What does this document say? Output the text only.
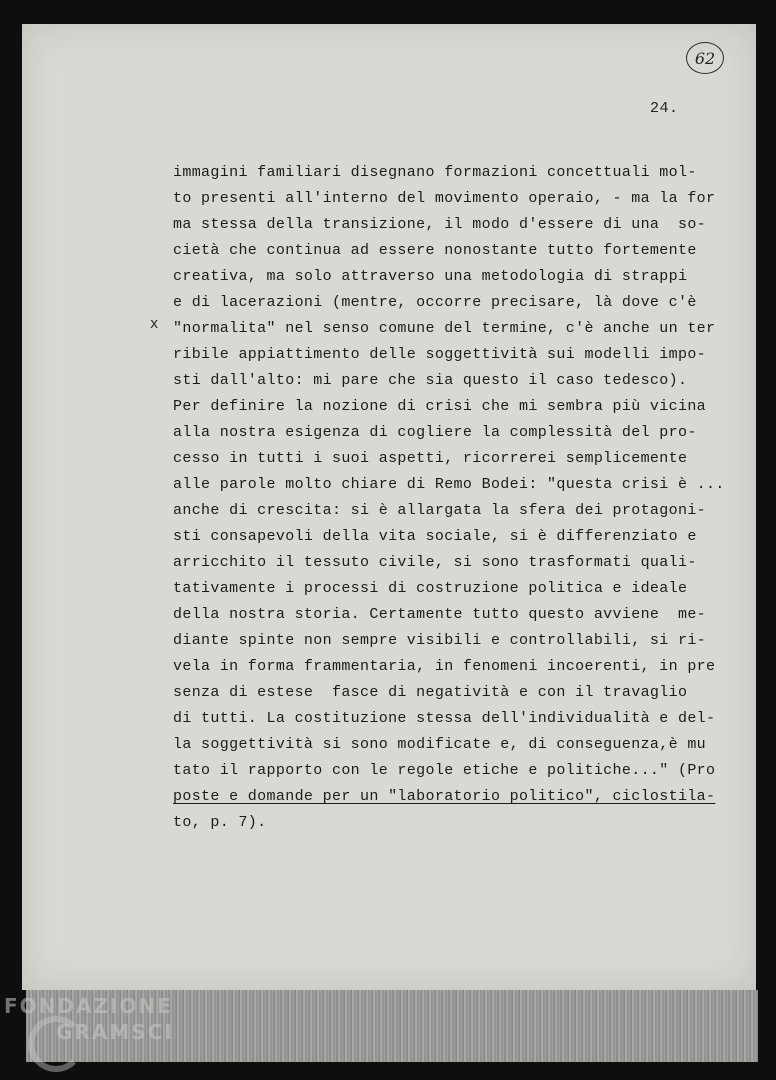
62
24.
x
immagini familiari disegnano formazioni concettuali mol-
to presenti all'interno del movimento operaio, - ma la for
ma stessa della transizione, il modo d'essere di una  so-
cietà che continua ad essere nonostante tutto fortemente
creativa, ma solo attraverso una metodologia di strappi
e di lacerazioni (mentre, occorre precisare, là dove c'è
"normalita" nel senso comune del termine, c'è anche un ter
ribile appiattimento delle soggettività sui modelli impo-
sti dall'alto: mi pare che sia questo il caso tedesco).
Per definire la nozione di crisi che mi sembra più vicina
alla nostra esigenza di cogliere la complessità del pro-
cesso in tutti i suoi aspetti, ricorrerei semplicemente
alle parole molto chiare di Remo Bodei: "questa crisi è ...
anche di crescita: si è allargata la sfera dei protagoni-
sti consapevoli della vita sociale, si è differenziato e
arricchito il tessuto civile, si sono trasformati quali-
tativamente i processi di costruzione politica e ideale
della nostra storia. Certamente tutto questo avviene  me-
diante spinte non sempre visibili e controllabili, si ri-
vela in forma frammentaria, in fenomeni incoerenti, in pre
senza di estese  fasce di negatività e con il travaglio
di tutti. La costituzione stessa dell'individualità e del-
la soggettività si sono modificate e, di conseguenza,è mu
tato il rapporto con le regole etiche e politiche..." (Pro
poste e domande per un "laboratorio politico", ciclostila-
to, p. 7).
FONDAZIONE
GRAMSCI
